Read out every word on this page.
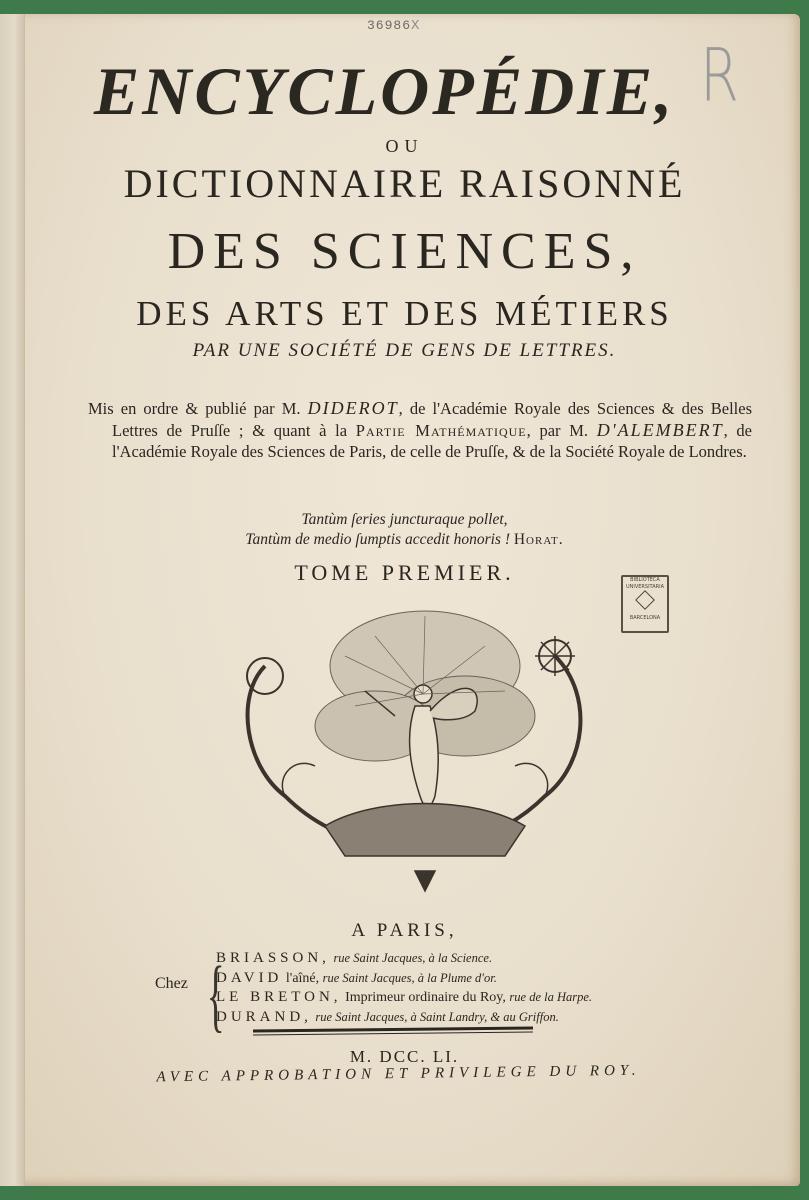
36986X
R
ENCYCLOPÉDIE,
OU
DICTIONNAIRE RAISONNÉ
DES SCIENCES,
DES ARTS ET DES MÉTIERS
PAR UNE SOCIÉTÉ DE GENS DE LETTRES.
Mis en ordre & publié par M. DIDEROT, de l'Académie Royale des Sciences & des Belles Lettres de Pruſſe ; & quant à la Partie Mathématique, par M. D'ALEMBERT, de l'Académie Royale des Sciences de Paris, de celle de Pruſſe, & de la Société Royale de Londres.
Tantùm ſeries juncturaque pollet,
Tantùm de medio ſumptis accedit honoris ! Horat.
TOME PREMIER.	BIBLIOTECA
UNIVERSITARIA
BARCELONA
A PARIS,
Chez {
BRIASSON, rue Saint Jacques, à la Science.
DAVID l'aîné, rue Saint Jacques, à la Plume d'or.
LE BRETON, Imprimeur ordinaire du Roy, rue de la Harpe.
DURAND, rue Saint Jacques, à Saint Landry, & au Griffon.
M. DCC. LI.
AVEC APPROBATION ET PRIVILEGE DU ROY.
